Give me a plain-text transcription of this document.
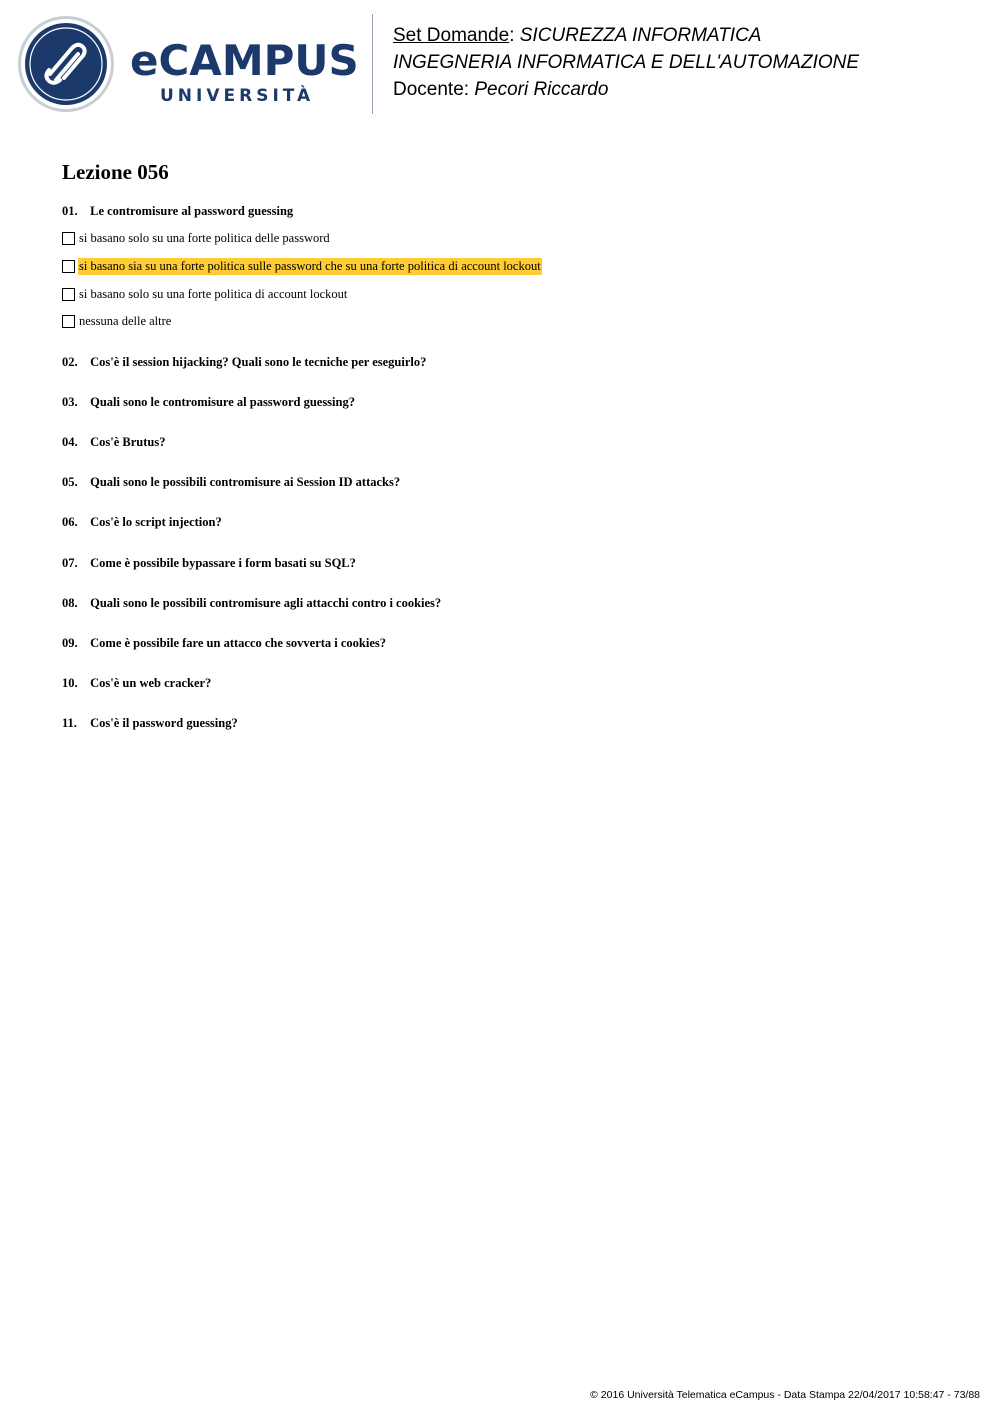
eCAMPUS
UNIVERSITÀ
Set Domande: SICUREZZA INFORMATICA
INGEGNERIA INFORMATICA E DELL'AUTOMAZIONE
Docente: Pecori Riccardo
Lezione 056
01. Le contromisure al password guessing
si basano solo su una forte politica delle password
si basano sia su una forte politica sulle password che su una forte politica di account lockout
si basano solo su una forte politica di account lockout
nessuna delle altre
02. Cos'è il session hijacking? Quali sono le tecniche per eseguirlo?
03. Quali sono le contromisure al password guessing?
04. Cos'è Brutus?
05. Quali sono le possibili contromisure ai Session ID attacks?
06. Cos'è lo script injection?
07. Come è possibile bypassare i form basati su SQL?
08. Quali sono le possibili contromisure agli attacchi contro i cookies?
09. Come è possibile fare un attacco che sovverta i cookies?
10. Cos'è un web cracker?
11. Cos'è il password guessing?
© 2016 Università Telematica eCampus - Data Stampa 22/04/2017 10:58:47 - 73/88
